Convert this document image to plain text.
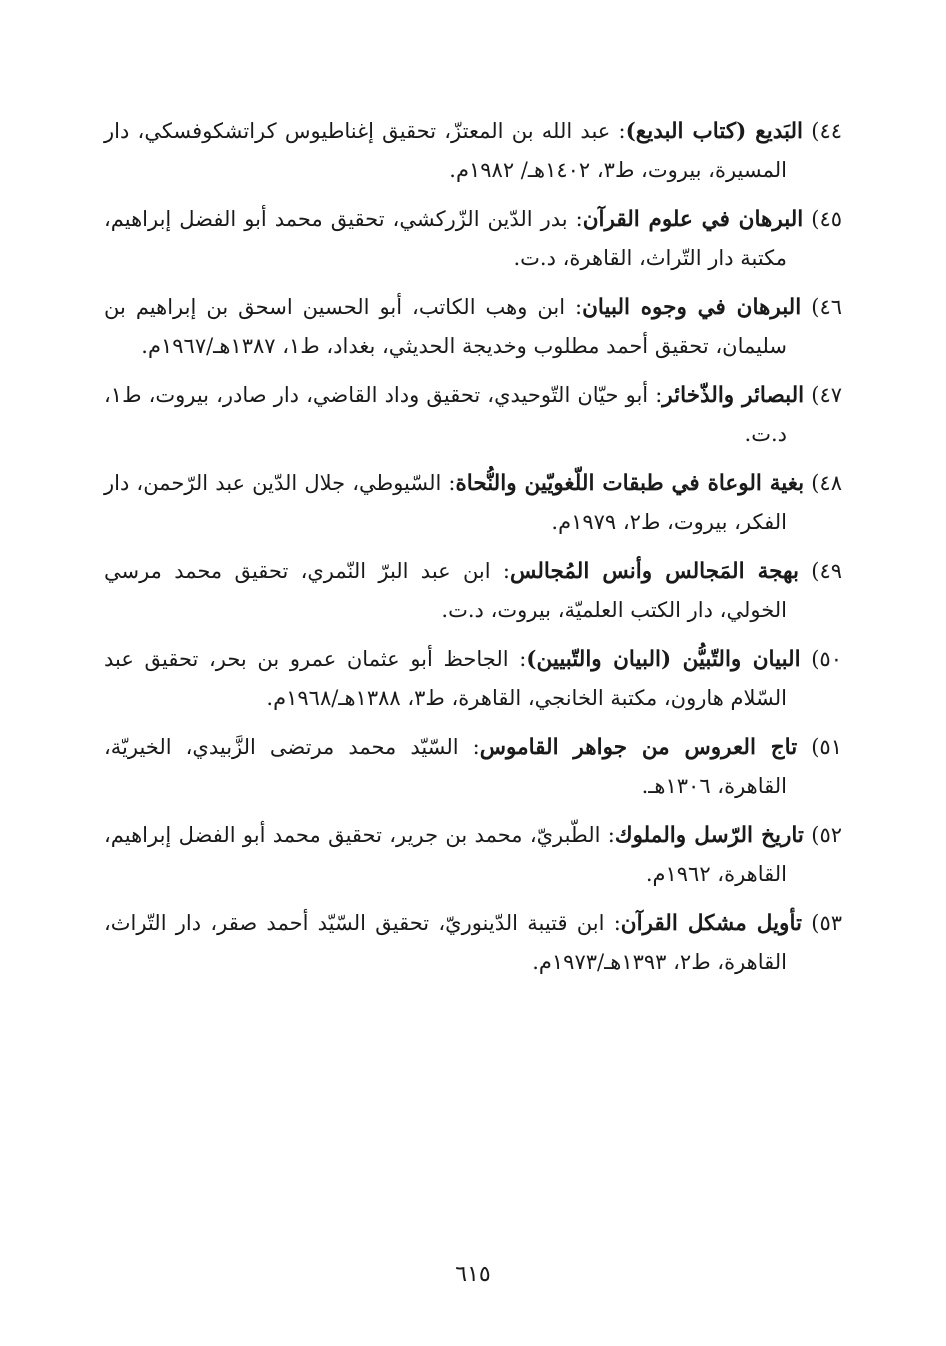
٤٤) البَديع (كتاب البديع): عبد الله بن المعتزّ، تحقيق إغناطيوس كراتشكوفسكي، دار المسيرة، بيروت، ط٣، ١٤٠٢هـ/ ١٩٨٢م.

٤٥) البرهان في علوم القرآن: بدر الدّين الزّركشي، تحقيق محمد أبو الفضل إبراهيم، مكتبة دار التّراث، القاهرة، د.ت.

٤٦) البرهان في وجوه البيان: ابن وهب الكاتب، أبو الحسين اسحق بن إبراهيم بن سليمان، تحقيق أحمد مطلوب وخديجة الحديثي، بغداد، ط١، ١٣٨٧هـ/١٩٦٧م.

٤٧) البصائر والذّخائر: أبو حيّان التّوحيدي، تحقيق وداد القاضي، دار صادر، بيروت، ط١، د.ت.

٤٨) بغية الوعاة في طبقات اللّغويّين والنُّحاة: السّيوطي، جلال الدّين عبد الرّحمن، دار الفكر، بيروت، ط٢، ١٩٧٩م.

٤٩) بهجة المَجالس وأنس المُجالس: ابن عبد البرّ النّمري، تحقيق محمد مرسي الخولي، دار الكتب العلميّة، بيروت، د.ت.

٥٠) البيان والتّبيُّن (البيان والتّبيين): الجاحظ أبو عثمان عمرو بن بحر، تحقيق عبد السّلام هارون، مكتبة الخانجي، القاهرة، ط٣، ١٣٨٨هـ/١٩٦٨م.

٥١) تاج العروس من جواهر القاموس: السّيّد محمد مرتضى الزَّبيدي، الخيريّة، القاهرة، ١٣٠٦هـ.

٥٢) تاريخ الرّسل والملوك: الطّبريّ، محمد بن جرير، تحقيق محمد أبو الفضل إبراهيم، القاهرة، ١٩٦٢م.

٥٣) تأويل مشكل القرآن: ابن قتيبة الدّينوريّ، تحقيق السّيّد أحمد صقر، دار التّراث، القاهرة، ط٢، ١٣٩٣هـ/١٩٧٣م.

٦١٥
